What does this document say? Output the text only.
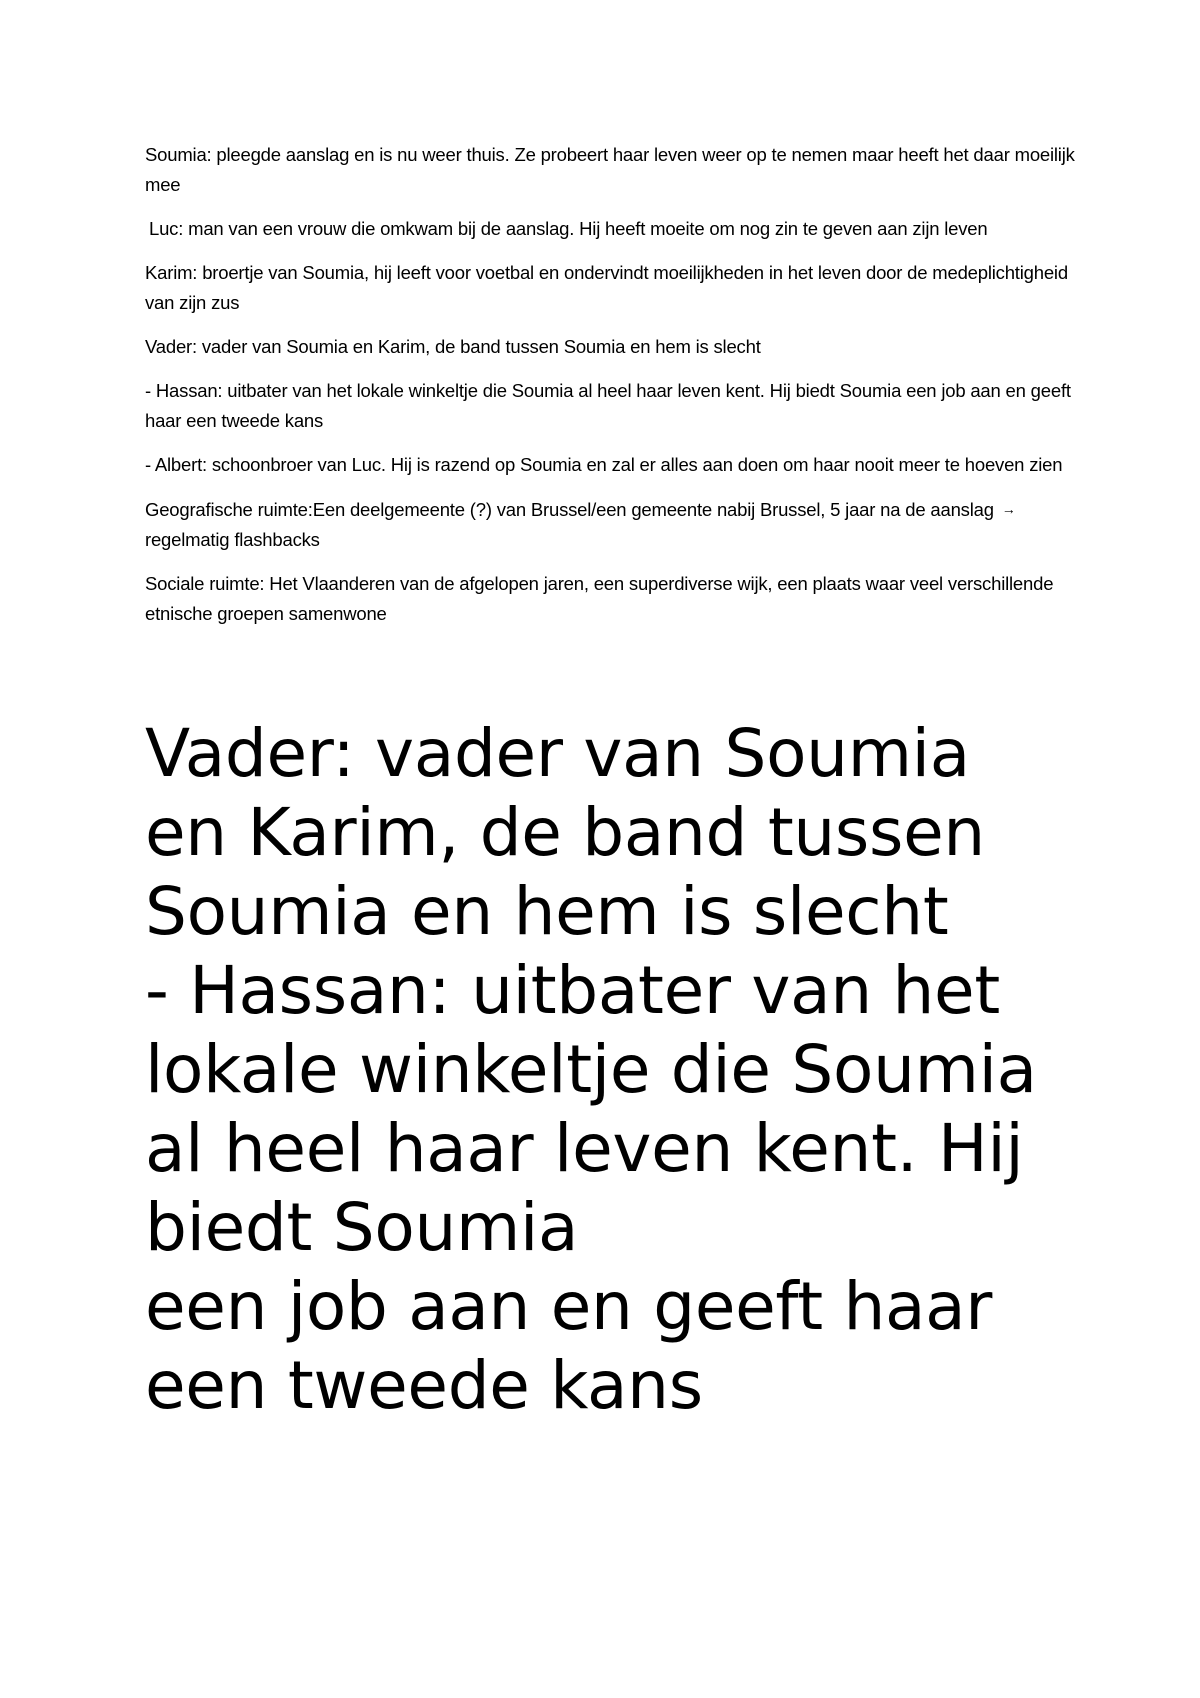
Soumia: pleegde aanslag en is nu weer thuis. Ze probeert haar leven weer op te nemen maar heeft het daar moeilijk mee

Luc: man van een vrouw die omkwam bij de aanslag. Hij heeft moeite om nog zin te geven aan zijn leven

Karim: broertje van Soumia, hij leeft voor voetbal en ondervindt moeilijkheden in het leven door de medeplichtigheid van zijn zus

Vader: vader van Soumia en Karim, de band tussen Soumia en hem is slecht

- Hassan: uitbater van het lokale winkeltje die Soumia al heel haar leven kent. Hij biedt Soumia een job aan en geeft haar een tweede kans

- Albert: schoonbroer van Luc. Hij is razend op Soumia en zal er alles aan doen om haar nooit meer te hoeven zien

Geografische ruimte:Een deelgemeente (?) van Brussel/een gemeente nabij Brussel, 5 jaar na de aanslag →regelmatig flashbacks

Sociale ruimte: Het Vlaanderen van de afgelopen jaren, een superdiverse wijk, een plaats waar veel verschillende etnische groepen samenwone

Vader: vader van Soumia
en Karim, de band tussen
Soumia en hem is slecht
- Hassan: uitbater van het
lokale winkeltje die Soumia
al heel haar leven kent. Hij
biedt Soumia
een job aan en geeft haar
een tweede kans
